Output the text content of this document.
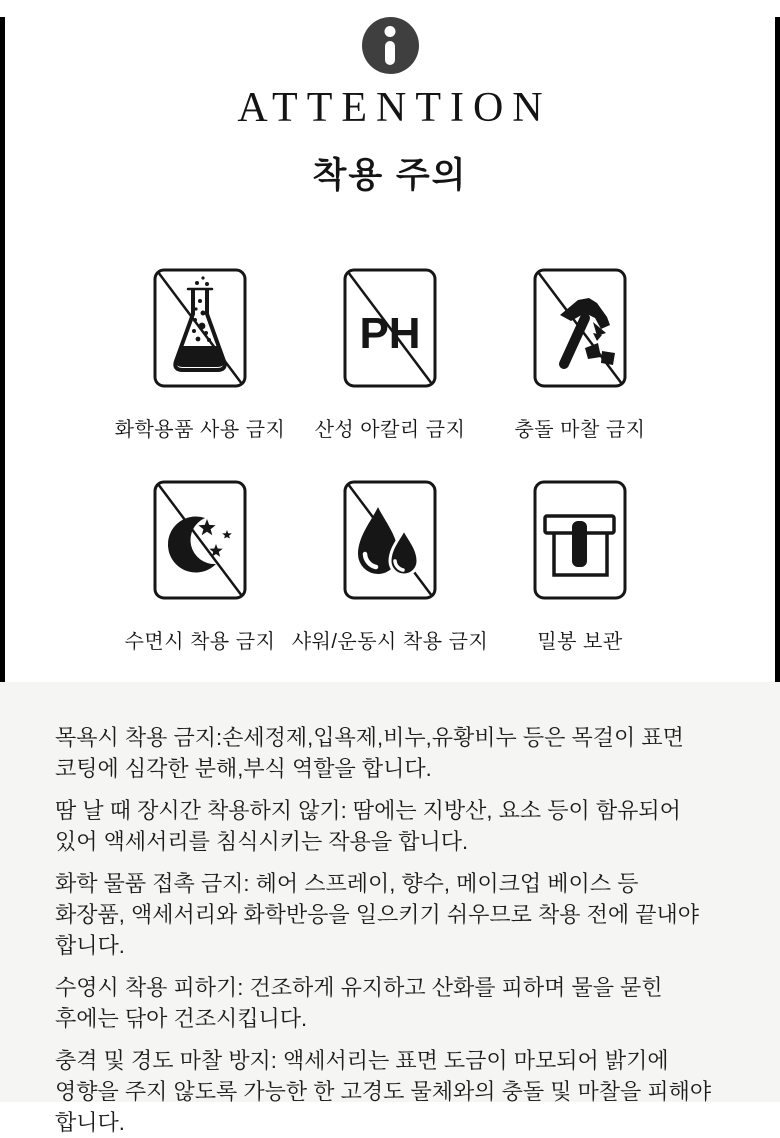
ATTENTION
착용 주의
화학용품 사용 금지
PH
산성 아칼리 금지 충돌 마찰 금지
수면시 착용 금지 샤워/운동시 착용 금지 밀봉 보관

목욕시 착용 금지:손세정제,입욕제,비누,유황비누 등은 목걸이 표면 코팅에 심각한 분해,부식 역할을 합니다.

땀 날 때 장시간 착용하지 않기: 땀에는 지방산, 요소 등이 함유되어 있어 액세서리를 침식시키는 작용을 합니다.

화학 물품 접촉 금지: 헤어 스프레이, 향수, 메이크업 베이스 등 화장품, 액세서리와 화학반응을 일으키기 쉬우므로 착용 전에 끝내야 합니다.

수영시 착용 피하기: 건조하게 유지하고 산화를 피하며 물을 묻힌 후에는 닦아 건조시킵니다.

충격 및 경도 마찰 방지: 액세서리는 표면 도금이 마모되어 밝기에 영향을 주지 않도록 가능한 한 고경도 물체와의 충돌 및 마찰을 피해야 합니다.
